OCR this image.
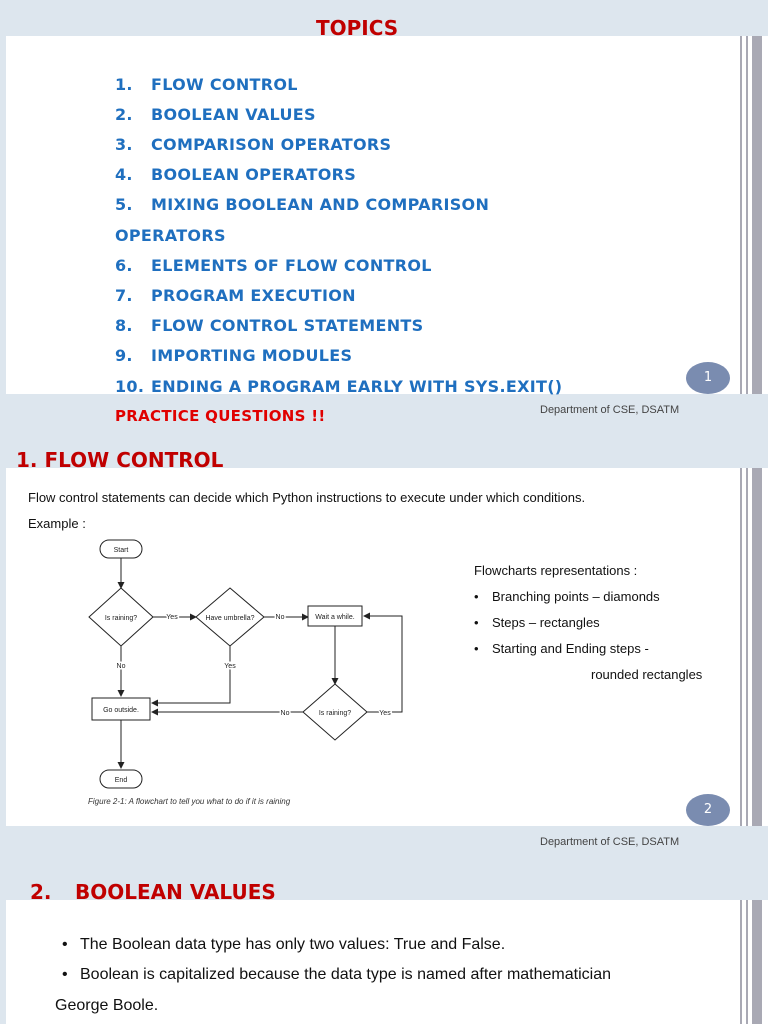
TOPICS
1. FLOW CONTROL
2. BOOLEAN VALUES
3. COMPARISON OPERATORS
4. BOOLEAN OPERATORS
5. MIXING BOOLEAN AND COMPARISON
OPERATORS
6. ELEMENTS OF FLOW CONTROL
7. PROGRAM EXECUTION
8. FLOW CONTROL STATEMENTS
9. IMPORTING MODULES
10. ENDING A PROGRAM EARLY WITH SYS.EXIT()
PRACTICE QUESTIONS !!
1
Department of CSE, DSATM
1. FLOW CONTROL
Flow control statements can decide which Python instructions to execute under which conditions.
Example :
Start
Is raining?	Have umbrella?	Wait a while.
Go outside.	Is raining?
End
Yes	No
No	Yes
No	Yes
Figure 2-1: A flowchart to tell you what to do if it is raining
Flowcharts representations :
• Branching points – diamonds
• Steps – rectangles
• Starting and Ending steps -
rounded rectangles
2
Department of CSE, DSATM
2. BOOLEAN VALUES
• The Boolean data type has only two values: True and False.
• Boolean is capitalized because the data type is named after mathematician
George Boole.
